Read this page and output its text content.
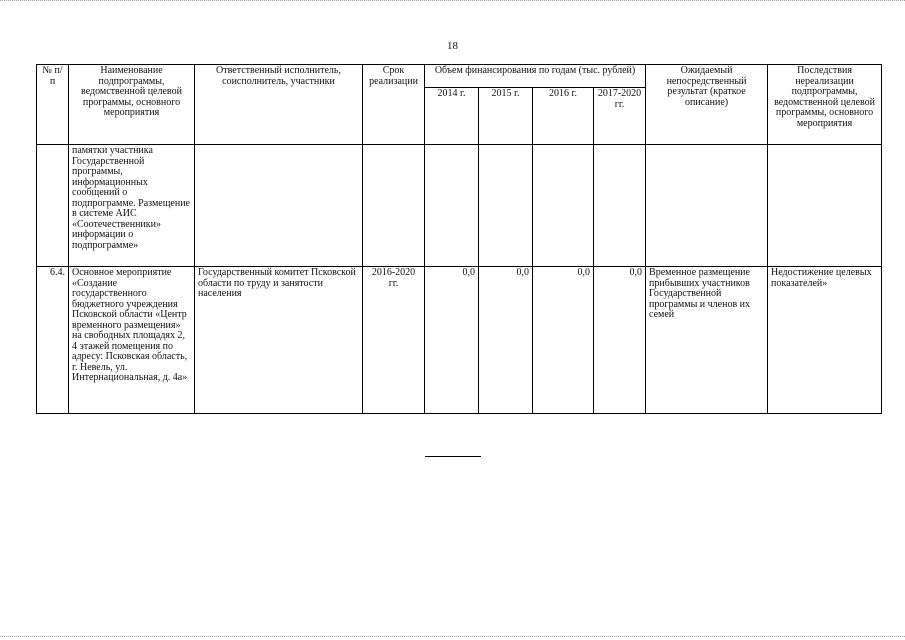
18
№ п/п	Наименование подпрограммы, ведомственной целевой программы, основного мероприятия	Ответственный исполнитель, соисполнитель, участники	Срок реализации	Объем финансирования по годам (тыс. рублей)				Ожидаемый непосредственный результат (краткое описание)	Последствия нереализации подпрограммы, ведомственной целевой программы, основного мероприятия
				2014 г.	2015 г.	2016 г.	2017-2020 гг.		
	памятки участника Государственной программы, информационных сообщений о подпрограмме. Размещение в системе АИС «Соотечественники» информации о подпрограмме»								
6.4.	Основное мероприятие «Создание государственного бюджетного учреждения Псковской области «Центр временного размещения» на свободных площадях 2, 4 этажей помещения по адресу: Псковская область, г. Невель, ул. Интернациональная, д. 4а»	Государственный комитет Псковской области по труду и занятости населения	2016-2020 гг.	0,0	0,0	0,0	0,0	Временное размещение прибывших участников Государственной программы и членов их семей	Недостижение целевых показателей»
